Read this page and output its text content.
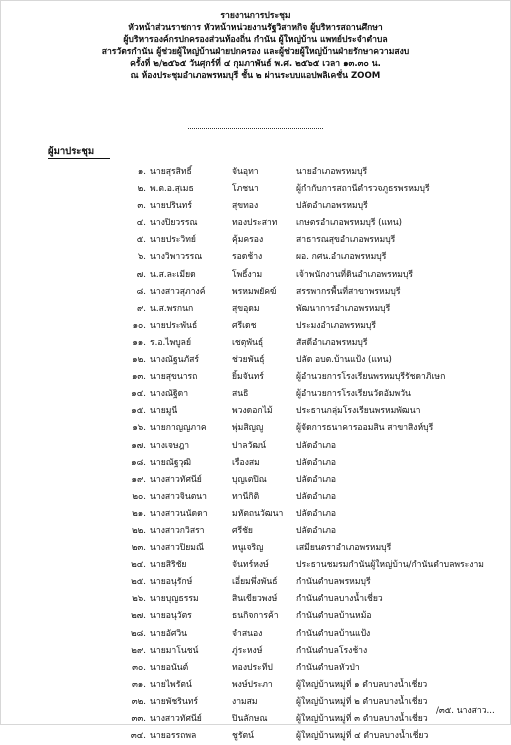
รายงานการประชุม
หัวหน้าส่วนราชการ หัวหน้าหน่วยงานรัฐวิสาหกิจ ผู้บริหารสถานศึกษา
ผู้บริหารองค์กรปกครองส่วนท้องถิ่น กำนัน ผู้ใหญ่บ้าน แพทย์ประจำตำบล
สารวัตรกำนัน ผู้ช่วยผู้ใหญ่บ้านฝ่ายปกครอง และผู้ช่วยผู้ใหญ่บ้านฝ่ายรักษาความสงบ
ครั้งที่ ๒/๒๕๖๕ วันศุกร์ที่ ๔ กุมภาพันธ์ พ.ศ. ๒๕๖๕ เวลา ๑๓.๓๐ น.
ณ ห้องประชุมอำเภอพรหมบุรี ชั้น ๒ ผ่านระบบแอปพลิเคชั่น ZOOM
ผู้มาประชุม
๑. นายสุรสิทธิ์	จันอุทา	นายอำเภอพรหมบุรี
๒. พ.ต.อ.สุเมธ	โภชนา	ผู้กำกับการสถานีตำรวจภูธรพรหมบุรี
๓. นายปรินทร์	สุขทอง	ปลัดอำเภอพรหมบุรี
๔. นางปิยวรรณ	ทองประสาท	เกษตรอำเภอพรหมบุรี (แทน)
๕. นายประวิทย์	คุ้มครอง	สาธารณสุขอำเภอพรหมบุรี
๖. นางวิพาวรรณ	รอดช้าง	ผอ. กศน.อำเภอพรหมบุรี
๗. น.ส.ละเมียด	โพธิ์งาม	เจ้าพนักงานที่ดินอำเภอพรหมบุรี
๘. นางสาวสุภางค์	พรหมพยัคฆ์	สรรพากรพื้นที่สาขาพรหมบุรี
๙. น.ส.พรกนก	สุขอุดม	พัฒนาการอำเภอพรหมบุรี
๑๐. นายประพันธ์	ศรีเดช	ประมงอำเภอพรหมบุรี
๑๑. ร.อ.ไพบูลย์	เชตุพันธุ์	สัสดีอำเภอพรหมบุรี
๑๒. นางณัฐนภัสร์	ช่วยพันธุ์	ปลัด อบต.บ้านแป้ง (แทน)
๑๓. นายสุขนารถ	ยิ้มจันทร์	ผู้อำนวยการโรงเรียนพรหมบุรีรัชดาภิเษก
๑๔. นางณัฐิดา	สนธิ	ผู้อำนวยการโรงเรียนวัดอัมพวัน
๑๕. นายมูนี	พวงดอกไม้	ประธานกลุ่มโรงเรียนพรหมพัฒนา
๑๖. นายกาญญภาค	พุ่มสิญญู	ผู้จัดการธนาคารออมสิน สาขาสิงห์บุรี
๑๗. นางเจษฎา	ปาลวัฒน์	ปลัดอำเภอ
๑๘. นายณัฐวุฒิ	เรืองสม	ปลัดอำเภอ
๑๙. นางสาวทัศนีย์	บุญเตปิณ	ปลัดอำเภอ
๒๐. นางสาวจินตนา	ทานีกิติ	ปลัดอำเภอ
๒๑. นางสาวนนัดดา	มหัตถนวัฒนา	ปลัดอำเภอ
๒๒. นางสาวกวิสรา	ศรีชัย	ปลัดอำเภอ
๒๓. นางสาวปิยมณี	หนูเจริญ	เสมียนตราอำเภอพรหมบุรี
๒๔. นายสิริชัย	จันทร์หงษ์	ประธานชมรมกำนันผู้ใหญ่บ้าน/กำนันตำบลพระงาม
๒๕. นายอนุรักษ์	เอี่ยมพึ่งพันธ์	กำนันตำบลพรหมบุรี
๒๖. นายบุญธรรม	สินเขียวพงษ์	กำนันตำบลบางน้ำเชี่ยว
๒๗. นายอนุวัตร	ธนกิจการค้า	กำนันตำบลบ้านหม้อ
๒๘. นายอัศวิน	จำสนอง	กำนันตำบลบ้านแป้ง
๒๙. นายมาโนชน์	ภู่ระหงษ์	กำนันตำบลโรงช้าง
๓๐. นายอนันต์	ทองประทีป	กำนันตำบลหัวป่า
๓๑. นายไพรัตน์	พงษ์ประภา	ผู้ใหญ่บ้านหมู่ที่ ๑ ตำบลบางน้ำเชี่ยว
๓๒. นายพัชรินทร์	งามสม	ผู้ใหญ่บ้านหมู่ที่ ๒ ตำบลบางน้ำเชี่ยว
๓๓. นางสาวทัศนีย์	ปินลักษณ	ผู้ใหญ่บ้านหมู่ที่ ๓ ตำบลบางน้ำเชี่ยว
๓๔. นายอรรถพล	ชูรัตน์	ผู้ใหญ่บ้านหมู่ที่ ๔ ตำบลบางน้ำเชี่ยว
/๓๕. นางสาว...
